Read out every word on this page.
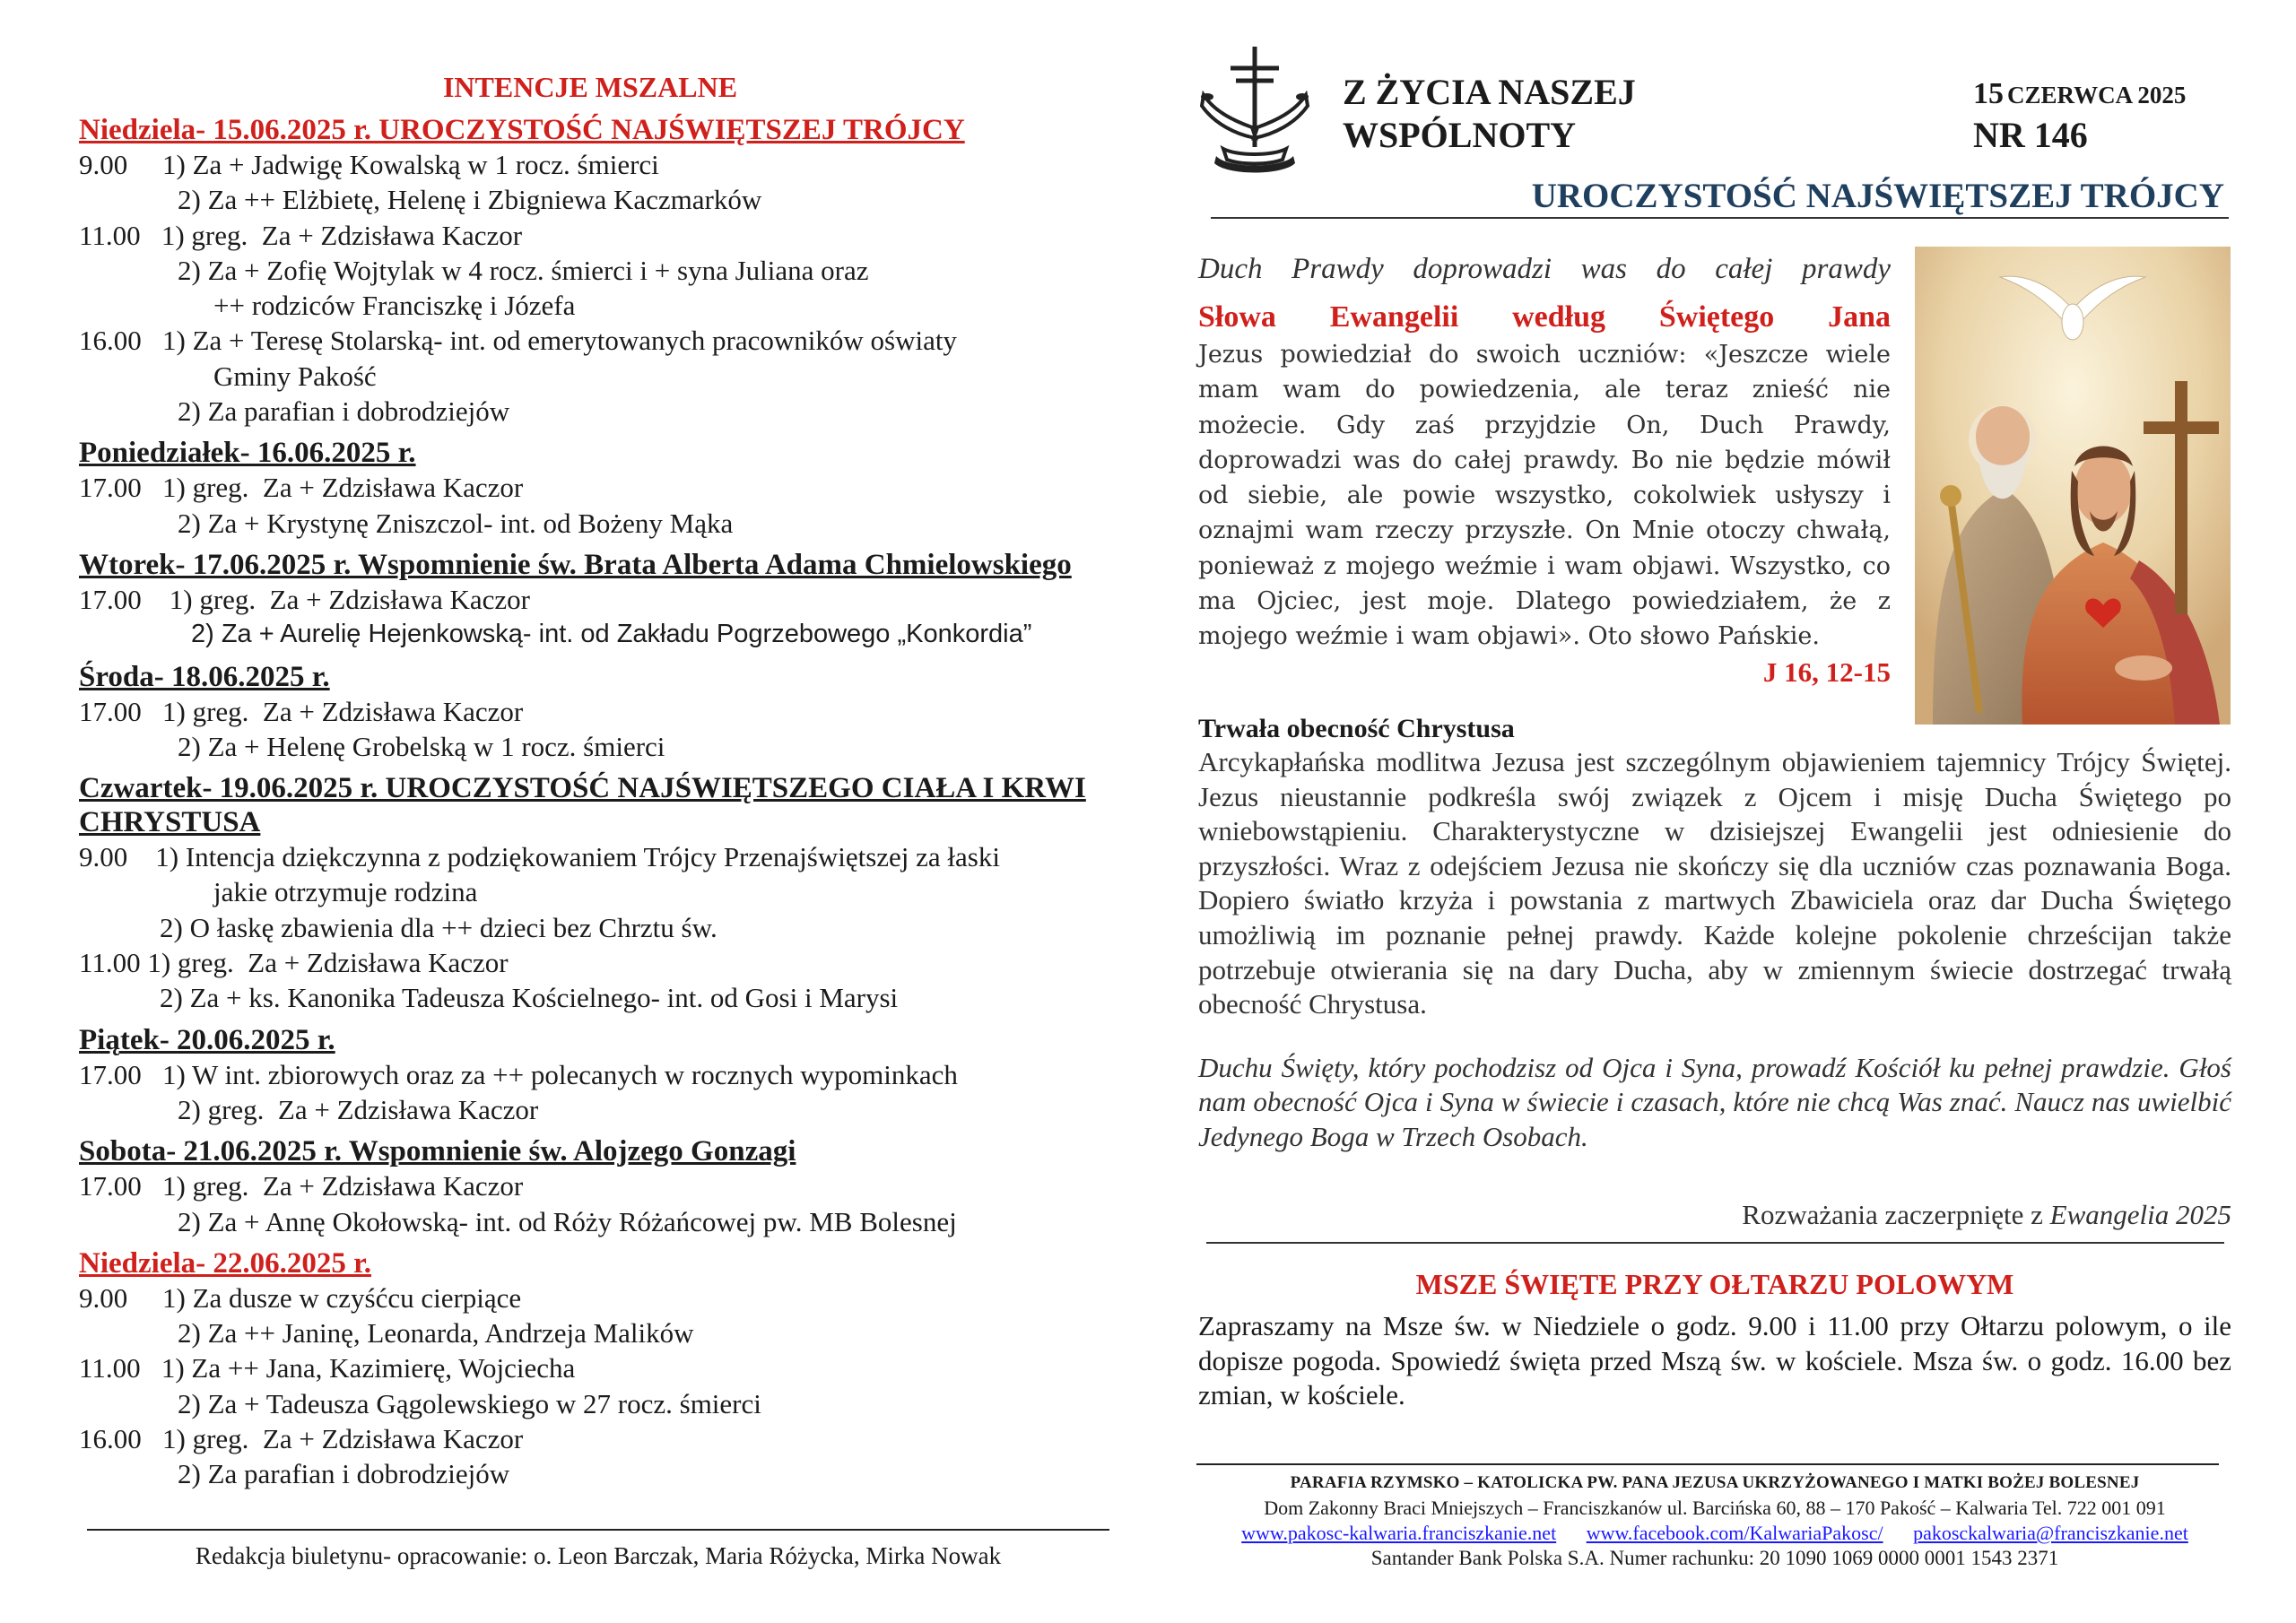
INTENCJE MSZALNE
Niedziela- 15.06.2025 r. UROCZYSTOŚĆ NAJŚWIĘTSZEJ TRÓJCY
9.00     1) Za + Jadwigę Kowalską w 1 rocz. śmierci
2) Za ++ Elżbietę, Helenę i Zbigniewa Kaczmarków
11.00   1) greg.  Za + Zdzisława Kaczor
2) Za + Zofię Wojtylak w 4 rocz. śmierci i + syna Juliana oraz
++ rodziców Franciszkę i Józefa
16.00   1) Za + Teresę Stolarską- int. od emerytowanych pracowników oświaty
Gminy Pakość
2) Za parafian i dobrodziejów
Poniedziałek- 16.06.2025 r.
17.00   1) greg.  Za + Zdzisława Kaczor
2) Za + Krystynę Zniszczol- int. od Bożeny Mąka
Wtorek- 17.06.2025 r. Wspomnienie św. Brata Alberta Adama Chmielowskiego
17.00    1) greg.  Za + Zdzisława Kaczor
2) Za + Aurelię Hejenkowską- int. od Zakładu Pogrzebowego „Konkordia”
Środa- 18.06.2025 r.
17.00   1) greg.  Za + Zdzisława Kaczor
2) Za + Helenę Grobelską w 1 rocz. śmierci
Czwartek- 19.06.2025 r. UROCZYSTOŚĆ NAJŚWIĘTSZEGO CIAŁA I KRWI CHRYSTUSA
9.00    1) Intencja dziękczynna z podziękowaniem Trójcy Przenajświętszej za łaski
jakie otrzymuje rodzina
2) O łaskę zbawienia dla ++ dzieci bez Chrztu św.
11.00 1) greg.  Za + Zdzisława Kaczor
2) Za + ks. Kanonika Tadeusza Kościelnego- int. od Gosi i Marysi
Piątek- 20.06.2025 r.
17.00   1) W int. zbiorowych oraz za ++ polecanych w rocznych wypominkach
2) greg.  Za + Zdzisława Kaczor
Sobota- 21.06.2025 r. Wspomnienie św. Alojzego Gonzagi
17.00   1) greg.  Za + Zdzisława Kaczor
2) Za + Annę Okołowską- int. od Róży Różańcowej pw. MB Bolesnej
Niedziela- 22.06.2025 r.
9.00     1) Za dusze w czyśćcu cierpiące
2) Za ++ Janinę, Leonarda, Andrzeja Malików
11.00   1) Za ++ Jana, Kazimierę, Wojciecha
2) Za + Tadeusza Gągolewskiego w 27 rocz. śmierci
16.00   1) greg.  Za + Zdzisława Kaczor
2) Za parafian i dobrodziejów
Redakcja biuletynu- opracowanie: o. Leon Barczak, Maria Różycka, Mirka Nowak
Z ŻYCIA NASZEJ
WSPÓLNOTY
15 CZERWCA 2025
NR 146
UROCZYSTOŚĆ NAJŚWIĘTSZEJ TRÓJCY
Duch Prawdy doprowadzi was do całej prawdy
Słowa Ewangelii według Świętego Jana
Jezus powiedział do swoich uczniów: «Jeszcze wiele mam wam do powiedzenia, ale teraz znieść nie możecie. Gdy zaś przyjdzie On, Duch Prawdy, doprowadzi was do całej prawdy. Bo nie będzie mówił od siebie, ale powie wszystko, cokolwiek usłyszy i oznajmi wam rzeczy przyszłe. On Mnie otoczy chwałą, ponieważ z mojego weźmie i wam objawi. Wszystko, co ma Ojciec, jest moje. Dlatego powiedziałem, że z mojego weźmie i wam objawi». Oto słowo Pańskie.
J 16, 12-15
Trwała obecność Chrystusa
Arcykapłańska modlitwa Jezusa jest szczególnym objawieniem tajemnicy Trójcy Świętej. Jezus nieustannie podkreśla swój związek z Ojcem i misję Ducha Świętego po wniebowstąpieniu. Charakterystyczne w dzisiejszej Ewangelii jest odniesienie do przyszłości. Wraz z odejściem Jezusa nie skończy się dla uczniów czas poznawania Boga. Dopiero światło krzyża i powstania z martwych Zbawiciela oraz dar Ducha Świętego umożliwią im poznanie pełnej prawdy. Każde kolejne pokolenie chrześcijan także potrzebuje otwierania się na dary Ducha, aby w zmiennym świecie dostrzegać trwałą obecność Chrystusa.
Duchu Święty, który pochodzisz od Ojca i Syna, prowadź Kościół ku pełnej prawdzie. Głoś nam obecność Ojca i Syna w świecie i czasach, które nie chcą Was znać. Naucz nas uwielbić Jedynego Boga w Trzech Osobach.
Rozważania zaczerpnięte z Ewangelia 2025
MSZE ŚWIĘTE PRZY OŁTARZU POLOWYM
Zapraszamy na Msze św. w Niedziele o godz. 9.00 i 11.00 przy Ołtarzu polowym, o ile dopisze pogoda. Spowiedź święta przed Mszą św. w kościele. Msza św. o godz. 16.00 bez zmian, w kościele.
PARAFIA RZYMSKO – KATOLICKA PW. PANA JEZUSA UKRZYŻOWANEGO I MATKI BOŻEJ BOLESNEJ
Dom Zakonny Braci Mniejszych – Franciszkanów ul. Barcińska 60, 88 – 170 Pakość – Kalwaria Tel. 722 001 091
www.pakosc-kalwaria.franciszkanie.net www.facebook.com/KalwariaPakosc/ pakosckalwaria@franciszkanie.net
Santander Bank Polska S.A. Numer rachunku: 20 1090 1069 0000 0001 1543 2371
